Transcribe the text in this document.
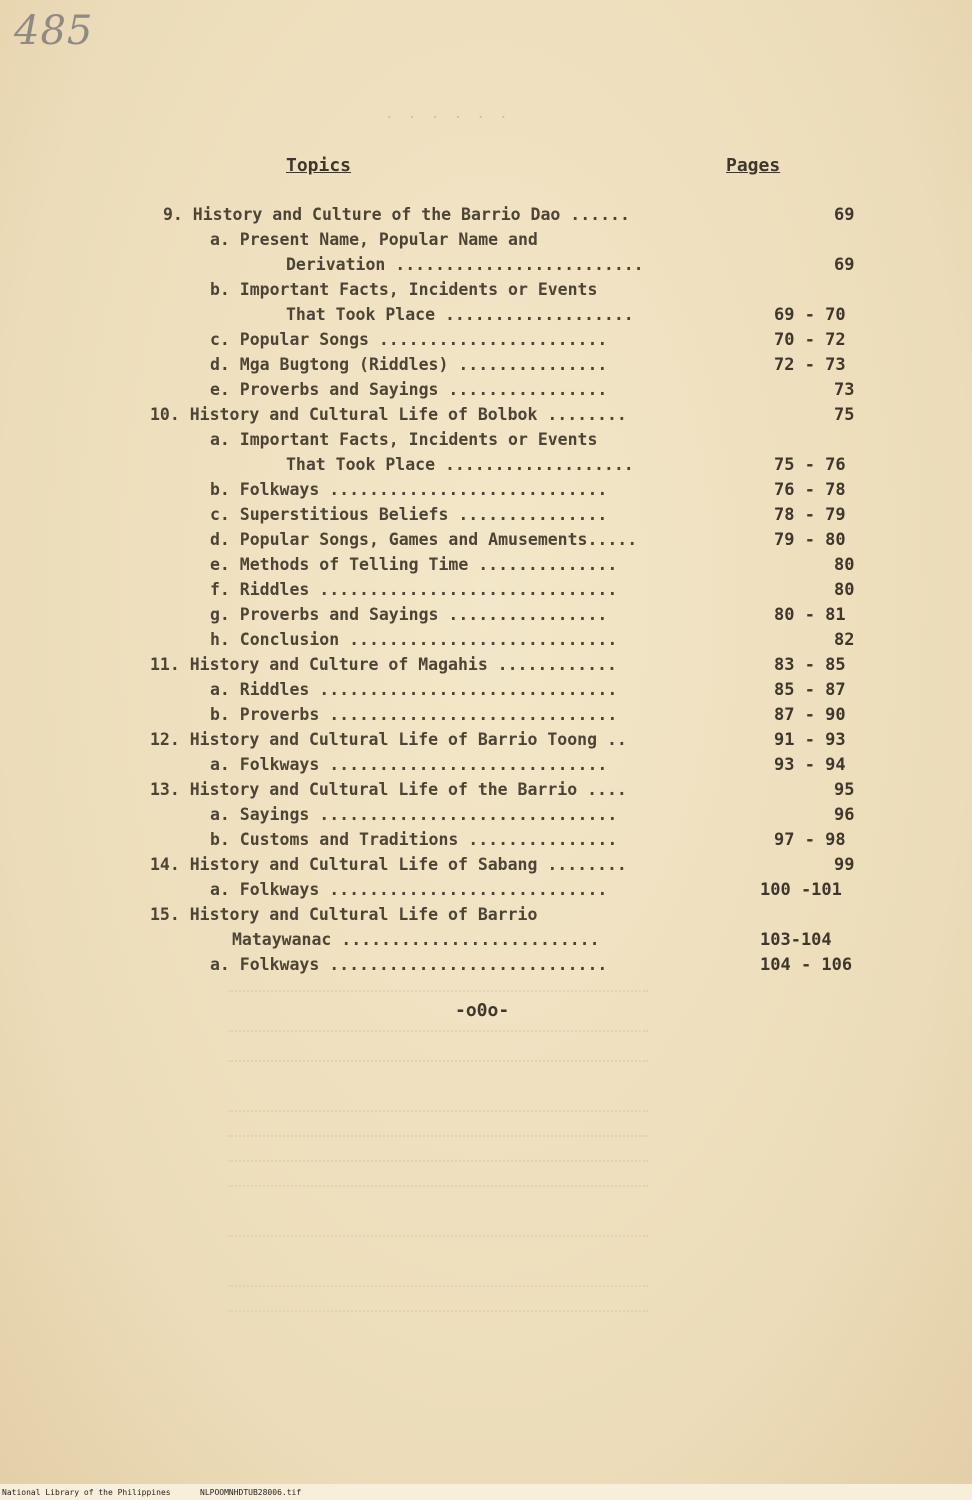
485
· · · · · ·
Topics	Pages
9. History and Culture of the Barrio Dao ......	69
a. Present Name, Popular Name and
Derivation .........................	69
b. Important Facts, Incidents or Events
That Took Place ...................	69 - 70
c. Popular Songs .......................	70 - 72
d. Mga Bugtong (Riddles) ...............	72 - 73
e. Proverbs and Sayings ................	73
10. History and Cultural Life of Bolbok ........	75
a. Important Facts, Incidents or Events
That Took Place ...................	75 - 76
b. Folkways ............................	76 - 78
c. Superstitious Beliefs ...............	78 - 79
d. Popular Songs, Games and Amusements.....	79 - 80
e. Methods of Telling Time ..............	80
f. Riddles ..............................	80
g. Proverbs and Sayings ................	80 - 81
h. Conclusion ...........................	82
11. History and Culture of Magahis ............	83 - 85
a. Riddles ..............................	85 - 87
b. Proverbs .............................	87 - 90
12. History and Cultural Life of Barrio Toong ..	91 - 93
a. Folkways ............................	93 - 94
13. History and Cultural Life of the Barrio ....	95
a. Sayings ..............................	96
b. Customs and Traditions ...............	97 - 98
14. History and Cultural Life of Sabang ........	99
a. Folkways ............................	100 -101
15. History and Cultural Life of Barrio
Mataywanac ..........................	103-104
a. Folkways ............................	104 - 106
-o0o-
National Library of the Philippines	NLPOOMNHDTUB28006.tif
